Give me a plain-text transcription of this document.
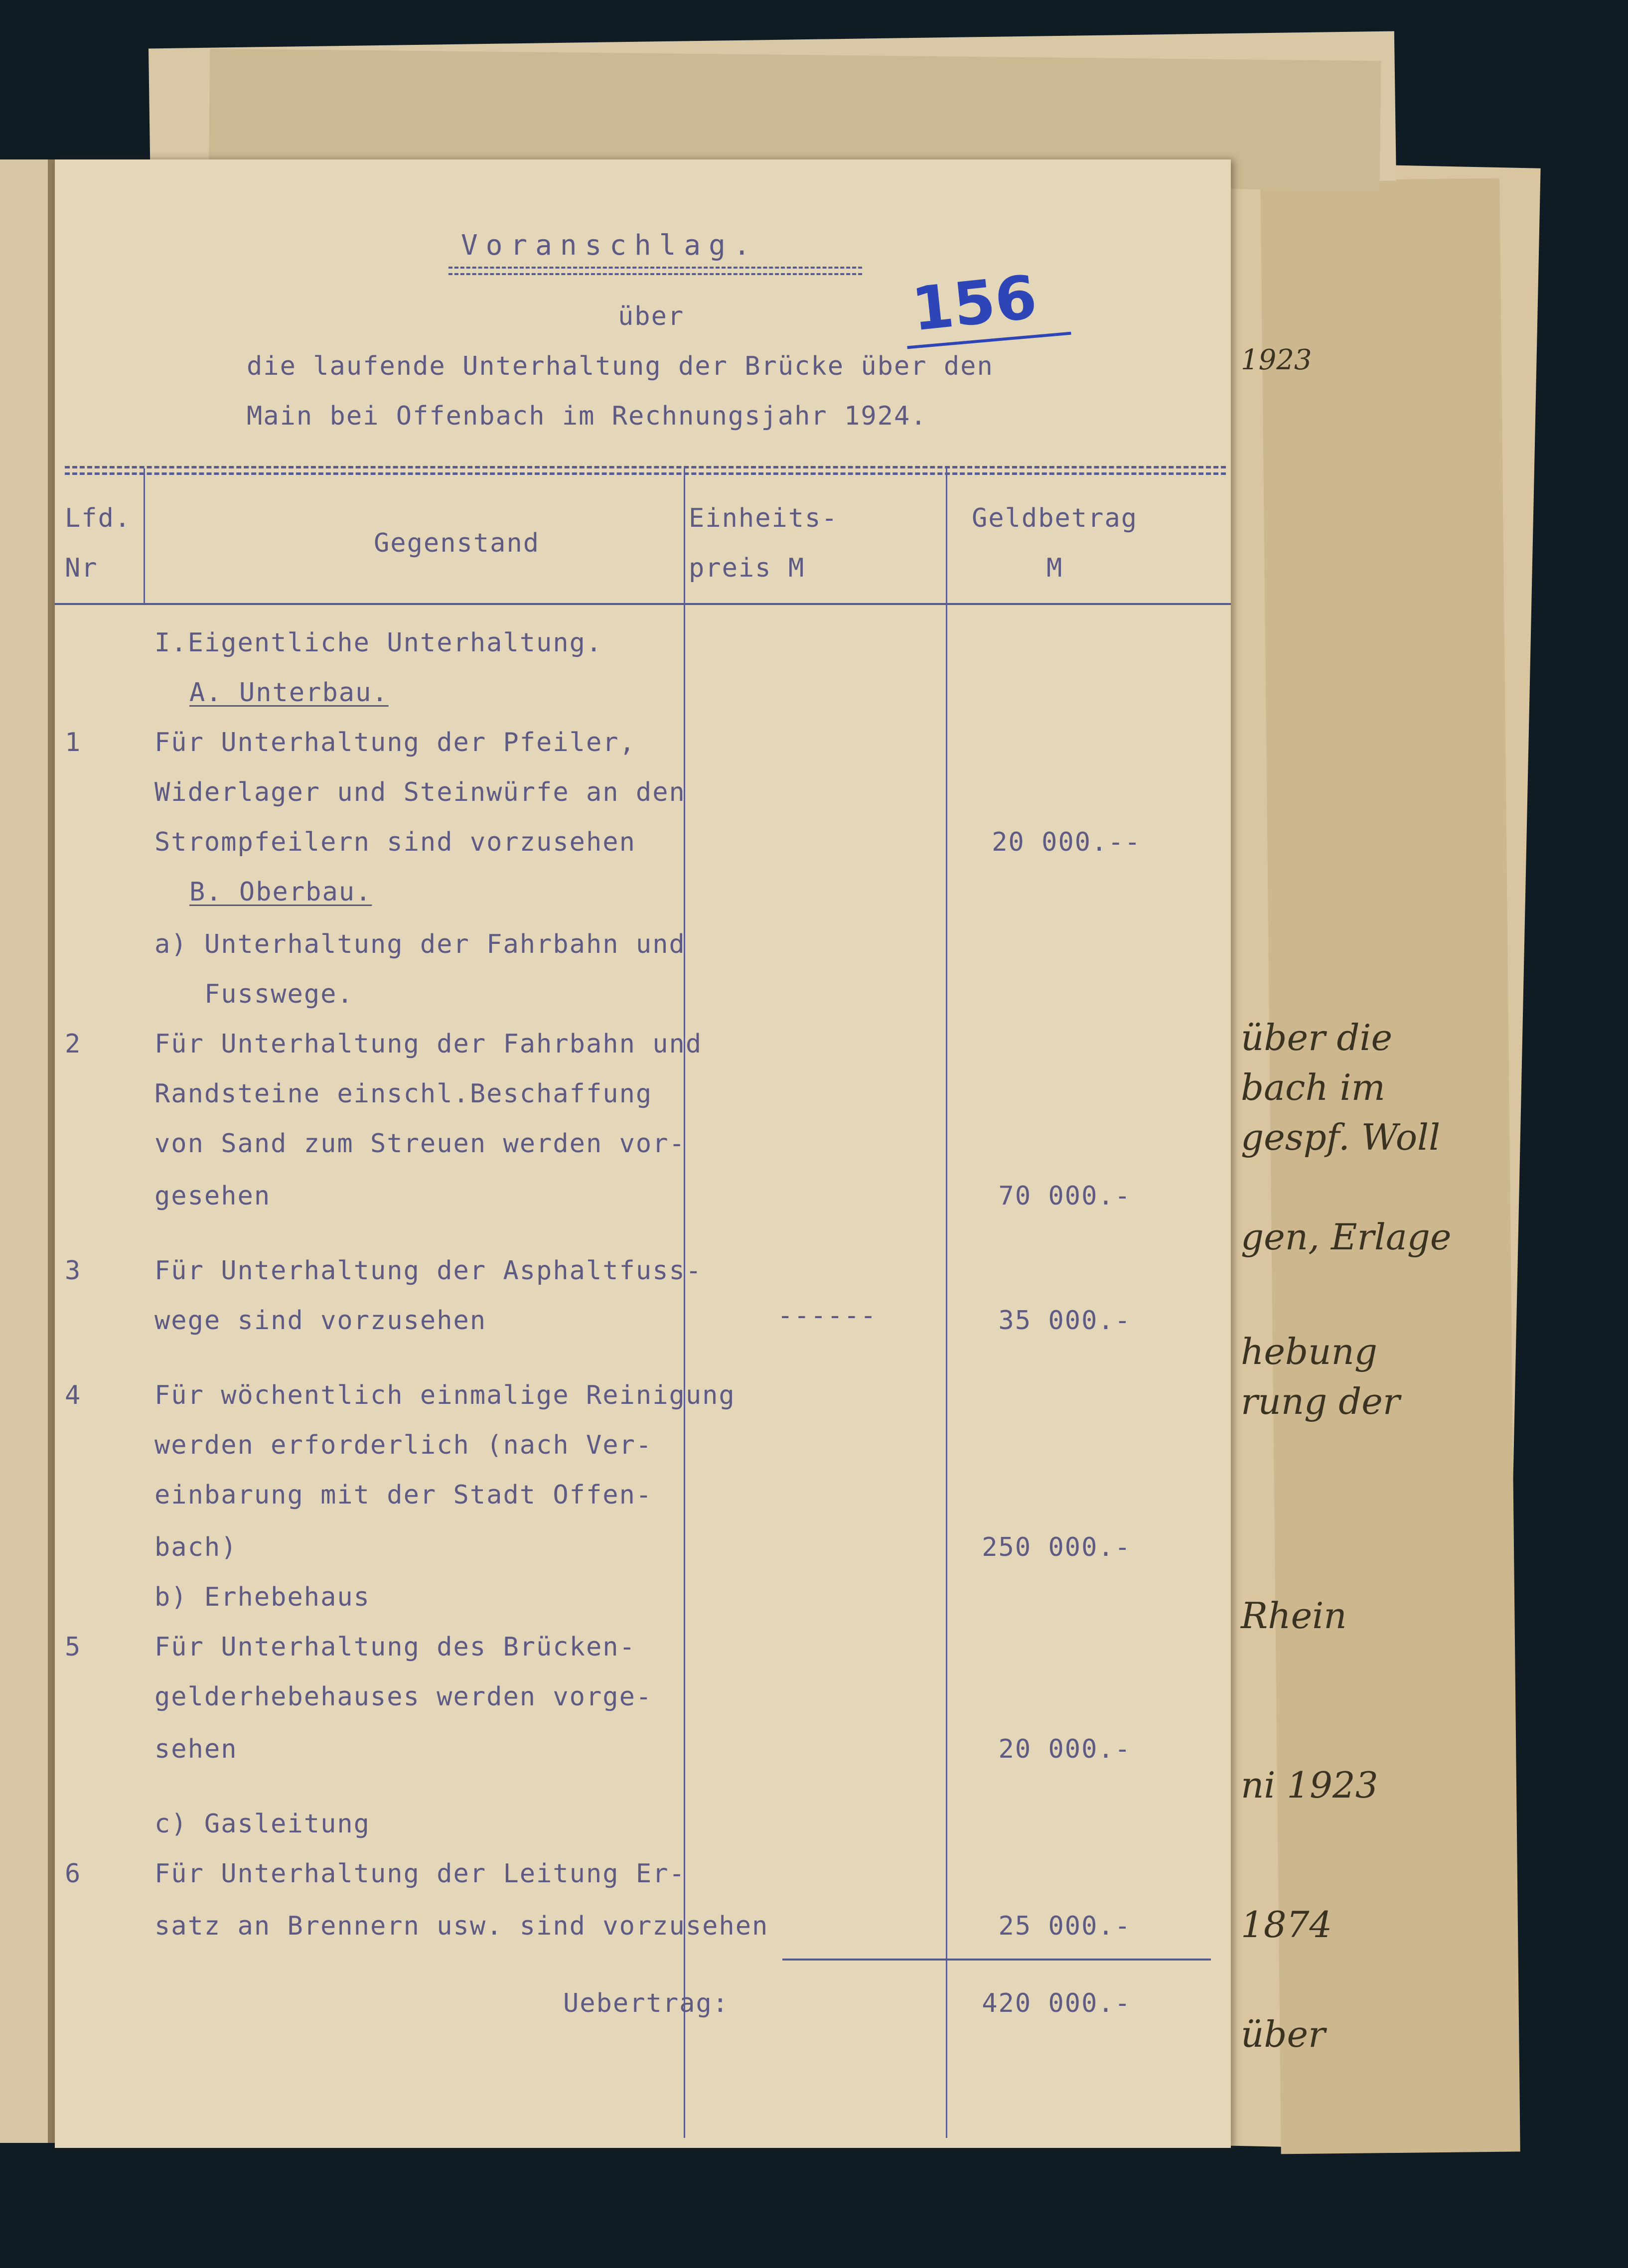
1923
über die
bach im
gespf. Woll
gen, Erlage
hebung
rung der
Rhein
ni 1923
1874
über
Voranschlag.
über
die laufende Unterhaltung der Brücke über den
Main bei Offenbach im Rechnungsjahr 1924.
156
Lfd.
Nr
Gegenstand
Einheits-
preis M
Geldbetrag
M
I.Eigentliche Unterhaltung.
A. Unterbau.
1	Für Unterhaltung der Pfeiler,
Widerlager und Steinwürfe an den
Strompfeilern sind vorzusehen	20 000.--
B. Oberbau.
a) Unterhaltung der Fahrbahn und
Fusswege.
2	Für Unterhaltung der Fahrbahn und
Randsteine einschl.Beschaffung
von Sand zum Streuen werden vor-
gesehen	70 000.-
3	Für Unterhaltung der Asphaltfuss-
wege sind vorzusehen	------	35 000.-
4	Für wöchentlich einmalige Reinigung
werden erforderlich (nach Ver-
einbarung mit der Stadt Offen-
bach)	250 000.-
b) Erhebehaus
5	Für Unterhaltung des Brücken-
gelderhebehauses werden vorge-
sehen	20 000.-
c) Gasleitung
6	Für Unterhaltung der Leitung Er-
satz an Brennern usw. sind vorzusehen	25 000.-
Uebertrag:	420 000.-
